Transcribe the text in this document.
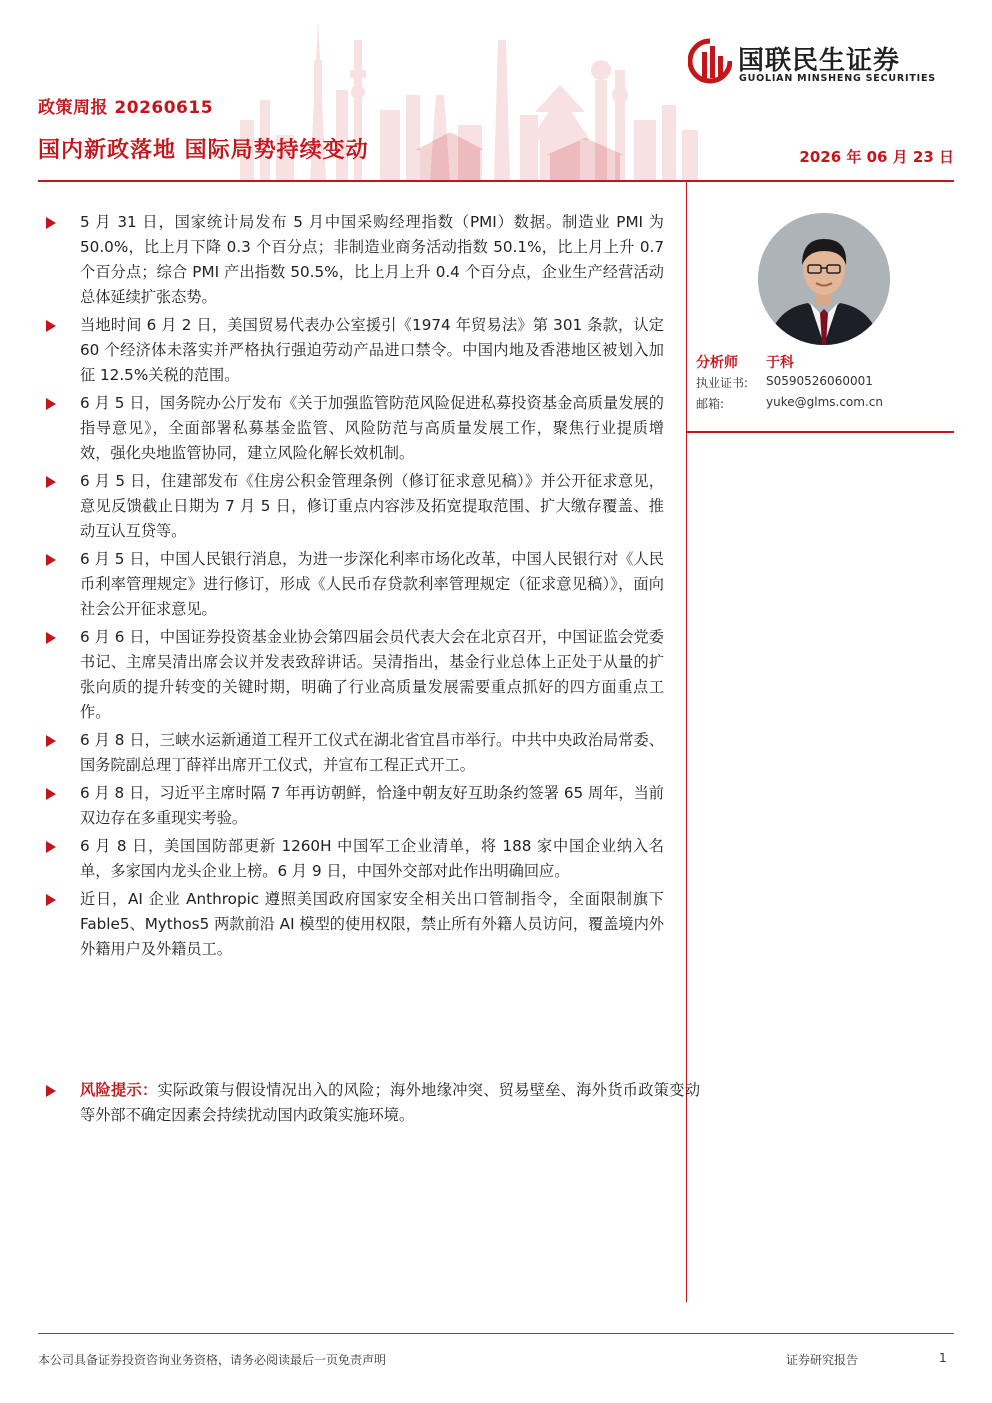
政策周报 20260615
国内新政落地 国际局势持续变动	2026 年 06 月 23 日
国联民生证券
GUOLIAN MINSHENG SECURITIES
5 月 31 日，国家统计局发布 5 月中国采购经理指数（PMI）数据。制造业 PMI 为 50.0%，比上月下降 0.3 个百分点；非制造业商务活动指数 50.1%，比上月上升 0.7 个百分点；综合 PMI 产出指数 50.5%，比上月上升 0.4 个百分点，企业生产经营活动总体延续扩张态势。
当地时间 6 月 2 日，美国贸易代表办公室援引《1974 年贸易法》第 301 条款，认定 60 个经济体未落实并严格执行强迫劳动产品进口禁令。中国内地及香港地区被划入加征 12.5%关税的范围。
6 月 5 日，国务院办公厅发布《关于加强监管防范风险促进私募投资基金高质量发展的指导意见》，全面部署私募基金监管、风险防范与高质量发展工作，聚焦行业提质增效，强化央地监管协同，建立风险化解长效机制。
6 月 5 日，住建部发布《住房公积金管理条例（修订征求意见稿）》并公开征求意见，意见反馈截止日期为 7 月 5 日，修订重点内容涉及拓宽提取范围、扩大缴存覆盖、推动互认互贷等。
6 月 5 日，中国人民银行消息，为进一步深化利率市场化改革，中国人民银行对《人民币利率管理规定》进行修订，形成《人民币存贷款利率管理规定（征求意见稿）》，面向社会公开征求意见。
6 月 6 日，中国证券投资基金业协会第四届会员代表大会在北京召开，中国证监会党委书记、主席吴清出席会议并发表致辞讲话。吴清指出，基金行业总体上正处于从量的扩张向质的提升转变的关键时期，明确了行业高质量发展需要重点抓好的四方面重点工作。
6 月 8 日，三峡水运新通道工程开工仪式在湖北省宜昌市举行。中共中央政治局常委、国务院副总理丁薛祥出席开工仪式，并宣布工程正式开工。
6 月 8 日，习近平主席时隔 7 年再访朝鲜，恰逢中朝友好互助条约签署 65 周年，当前双边存在多重现实考验。
6 月 8 日，美国国防部更新 1260H 中国军工企业清单，将 188 家中国企业纳入名单，多家国内龙头企业上榜。6 月 9 日，中国外交部对此作出明确回应。
近日，AI 企业 Anthropic 遵照美国政府国家安全相关出口管制指令，全面限制旗下 Fable5、Mythos5 两款前沿 AI 模型的使用权限，禁止所有外籍人员访问，覆盖境内外外籍用户及外籍员工。
风险提示：实际政策与假设情况出入的风险；海外地缘冲突、贸易壁垒、海外货币政策变动等外部不确定因素会持续扰动国内政策实施环境。
分析师 于科
执业证书: S0590526060001
邮箱:	yuke@glms.com.cn
本公司具备证券投资咨询业务资格，请务必阅读最后一页免责声明	证券研究报告	1
